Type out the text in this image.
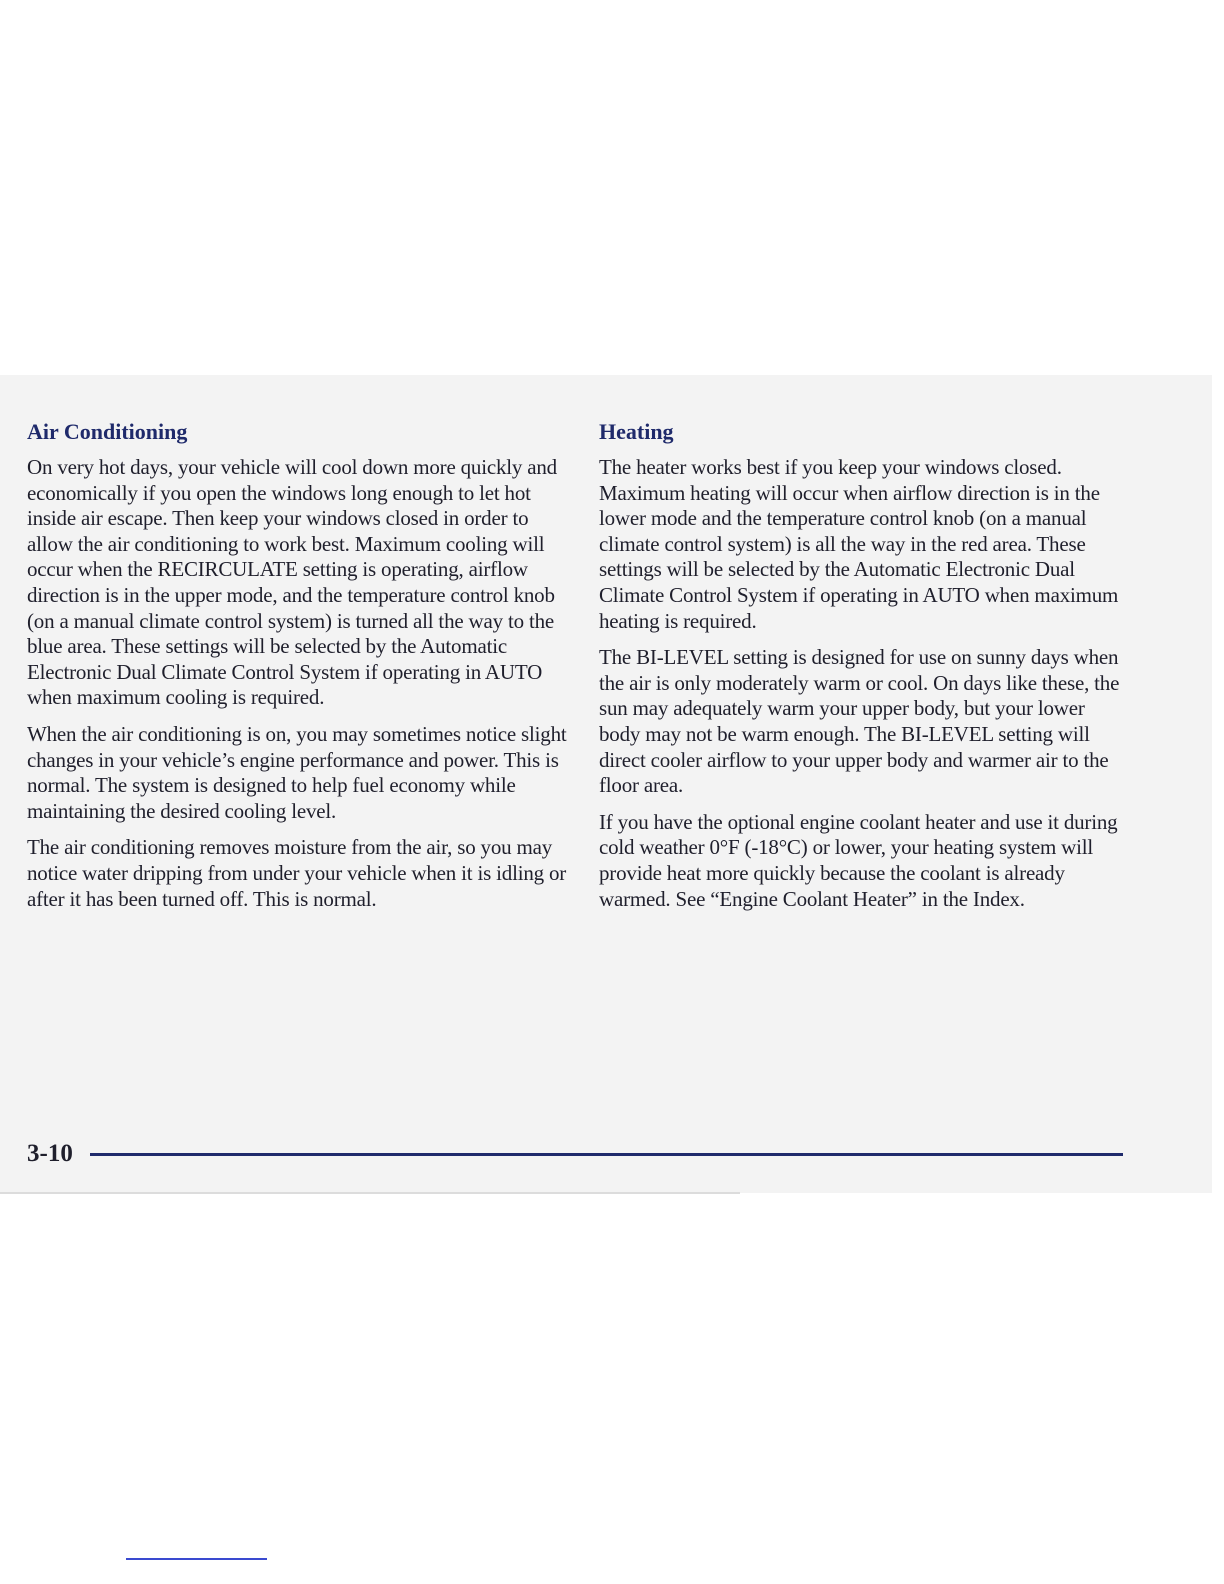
Air Conditioning

On very hot days, your vehicle will cool down more quickly and economically if you open the windows long enough to let hot inside air escape. Then keep your windows closed in order to allow the air conditioning to work best. Maximum cooling will occur when the RECIRCULATE setting is operating, airflow direction is in the upper mode, and the temperature control knob (on a manual climate control system) is turned all the way to the blue area. These settings will be selected by the Automatic Electronic Dual Climate Control System if operating in AUTO when maximum cooling is required.

When the air conditioning is on, you may sometimes notice slight changes in your vehicle’s engine performance and power. This is normal. The system is designed to help fuel economy while maintaining the desired cooling level.

The air conditioning removes moisture from the air, so you may notice water dripping from under your vehicle when it is idling or after it has been turned off. This is normal.

Heating

The heater works best if you keep your windows closed. Maximum heating will occur when airflow direction is in the lower mode and the temperature control knob (on a manual climate control system) is all the way in the red area. These settings will be selected by the Automatic Electronic Dual Climate Control System if operating in AUTO when maximum heating is required.

The BI-LEVEL setting is designed for use on sunny days when the air is only moderately warm or cool. On days like these, the sun may adequately warm your upper body, but your lower body may not be warm enough. The BI-LEVEL setting will direct cooler airflow to your upper body and warmer air to the floor area.

If you have the optional engine coolant heater and use it during cold weather 0°F (-18°C) or lower, your heating system will provide heat more quickly because the coolant is already warmed. See “Engine Coolant Heater” in the Index.

3-10
